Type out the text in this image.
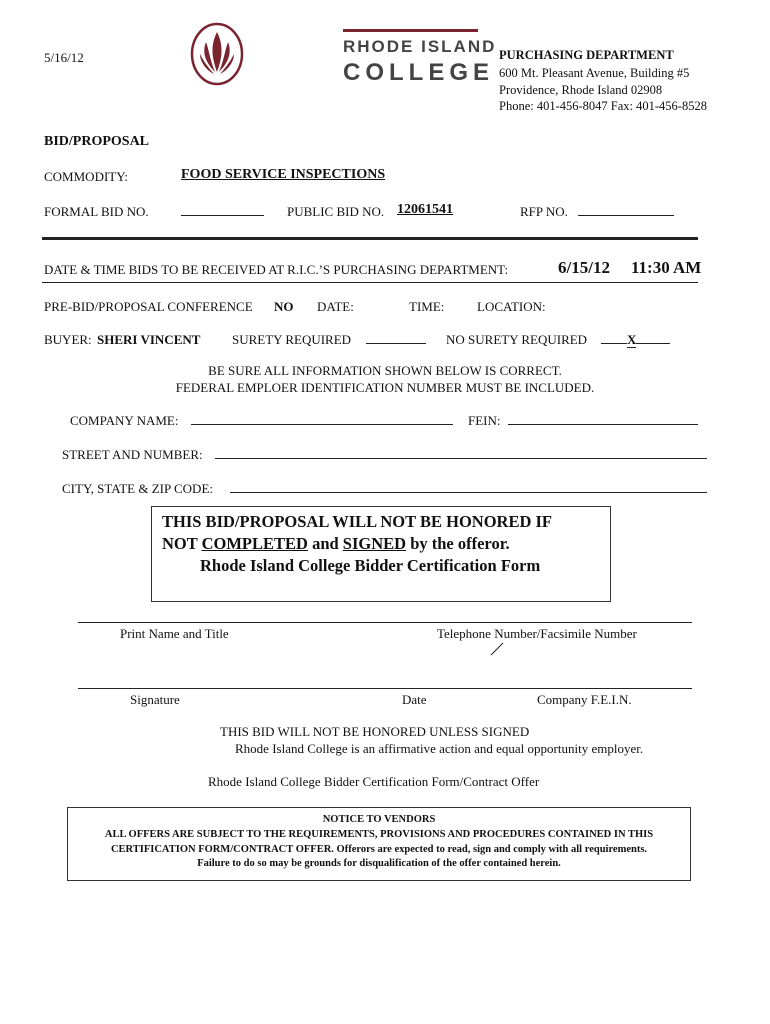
5/16/12
RHODE ISLAND
COLLEGE
PURCHASING DEPARTMENT
600 Mt. Pleasant Avenue, Building #5
Providence, Rhode Island 02908
Phone: 401-456-8047 Fax: 401-456-8528
BID/PROPOSAL
COMMODITY:	FOOD SERVICE INSPECTIONS
FORMAL BID NO.	PUBLIC BID NO. 12061541	RFP NO.
DATE & TIME BIDS TO BE RECEIVED AT R.I.C.’S PURCHASING DEPARTMENT:	6/15/12 11:30 AM
PRE-BID/PROPOSAL CONFERENCE NO DATE:	TIME:	LOCATION:
BUYER: SHERI VINCENT SURETY REQUIRED	NO SURETY REQUIRED	X
BE SURE ALL INFORMATION SHOWN BELOW IS CORRECT.
FEDERAL EMPLOER IDENTIFICATION NUMBER MUST BE INCLUDED.
COMPANY NAME:	FEIN:
STREET AND NUMBER:
CITY, STATE & ZIP CODE:
THIS BID/PROPOSAL WILL NOT BE HONORED IF
NOT COMPLETED and SIGNED by the offeror.
Rhode Island College Bidder Certification Form
Print Name and Title	Telephone Number/Facsimile Number
Signature	Date	Company F.E.I.N.
THIS BID WILL NOT BE HONORED UNLESS SIGNED
Rhode Island College is an affirmative action and equal opportunity employer.
Rhode Island College Bidder Certification Form/Contract Offer
NOTICE TO VENDORS
ALL OFFERS ARE SUBJECT TO THE REQUIREMENTS, PROVISIONS AND PROCEDURES CONTAINED IN THIS
CERTIFICATION FORM/CONTRACT OFFER. Offerors are expected to read, sign and comply with all requirements.
Failure to do so may be grounds for disqualification of the offer contained herein.
